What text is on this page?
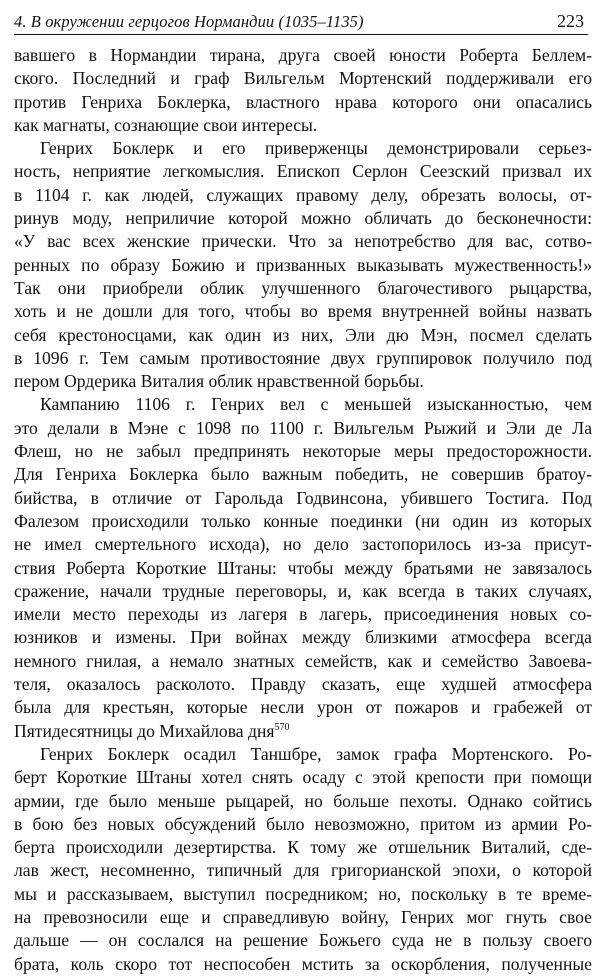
4. В окружении герцогов Нормандии (1035–1135)	223
вавшего в Нормандии тирана, друга своей юности Роберта Беллем-
ского. Последний и граф Вильгельм Мортенский поддерживали его
против Генриха Боклерка, властного нрава которого они опасались
как магнаты, сознающие свои интересы.
Генрих Боклерк и его приверженцы демонстрировали серьез-
ность, неприятие легкомыслия. Епископ Серлон Сеезский призвал их
в 1104 г. как людей, служащих правому делу, обрезать волосы, от-
ринув моду, неприличие которой можно обличать до бесконечности:
«У вас всех женские прически. Что за непотребство для вас, сотво-
ренных по образу Божию и призванных выказывать мужественность!»
Так они приобрели облик улучшенного благочестивого рыцарства,
хоть и не дошли для того, чтобы во время внутренней войны назвать
себя крестоносцами, как один из них, Эли дю Мэн, посмел сделать
в 1096 г. Тем самым противостояние двух группировок получило под
пером Ордерика Виталия облик нравственной борьбы.
Кампанию 1106 г. Генрих вел с меньшей изысканностью, чем
это делали в Мэне с 1098 по 1100 г. Вильгельм Рыжий и Эли де Ла
Флеш, но не забыл предпринять некоторые меры предосторожности.
Для Генриха Боклерка было важным победить, не совершив братоу-
бийства, в отличие от Гарольда Годвинсона, убившего Тостига. Под
Фалезом происходили только конные поединки (ни один из которых
не имел смертельного исхода), но дело застопорилось из-за присут-
ствия Роберта Короткие Штаны: чтобы между братьями не завязалось
сражение, начали трудные переговоры, и, как всегда в таких случаях,
имели место переходы из лагеря в лагерь, присоединения новых со-
юзников и измены. При войнах между близкими атмосфера всегда
немного гнилая, а немало знатных семейств, как и семейство Завоева-
теля, оказалось расколото. Правду сказать, еще худшей атмосфера
была для крестьян, которые несли урон от пожаров и грабежей от
Пятидесятницы до Михайлова дня$^{570}$
Генрих Боклерк осадил Таншбре, замок графа Мортенского. Ро-
берт Короткие Штаны хотел снять осаду с этой крепости при помощи
армии, где было меньше рыцарей, но больше пехоты. Однако сойтись
в бою без новых обсуждений было невозможно, притом из армии Ро-
берта происходили дезертирства. К тому же отшельник Виталий, сде-
лав жест, несомненно, типичный для григорианской эпохи, о которой
мы и рассказываем, выступил посредником; но, поскольку в те време-
на превозносили еще и справедливую войну, Генрих мог гнуть свое
дальше — он сослался на решение Божьего суда не в пользу своего
брата, коль скоро тот неспособен мстить за оскорбления, полученные
